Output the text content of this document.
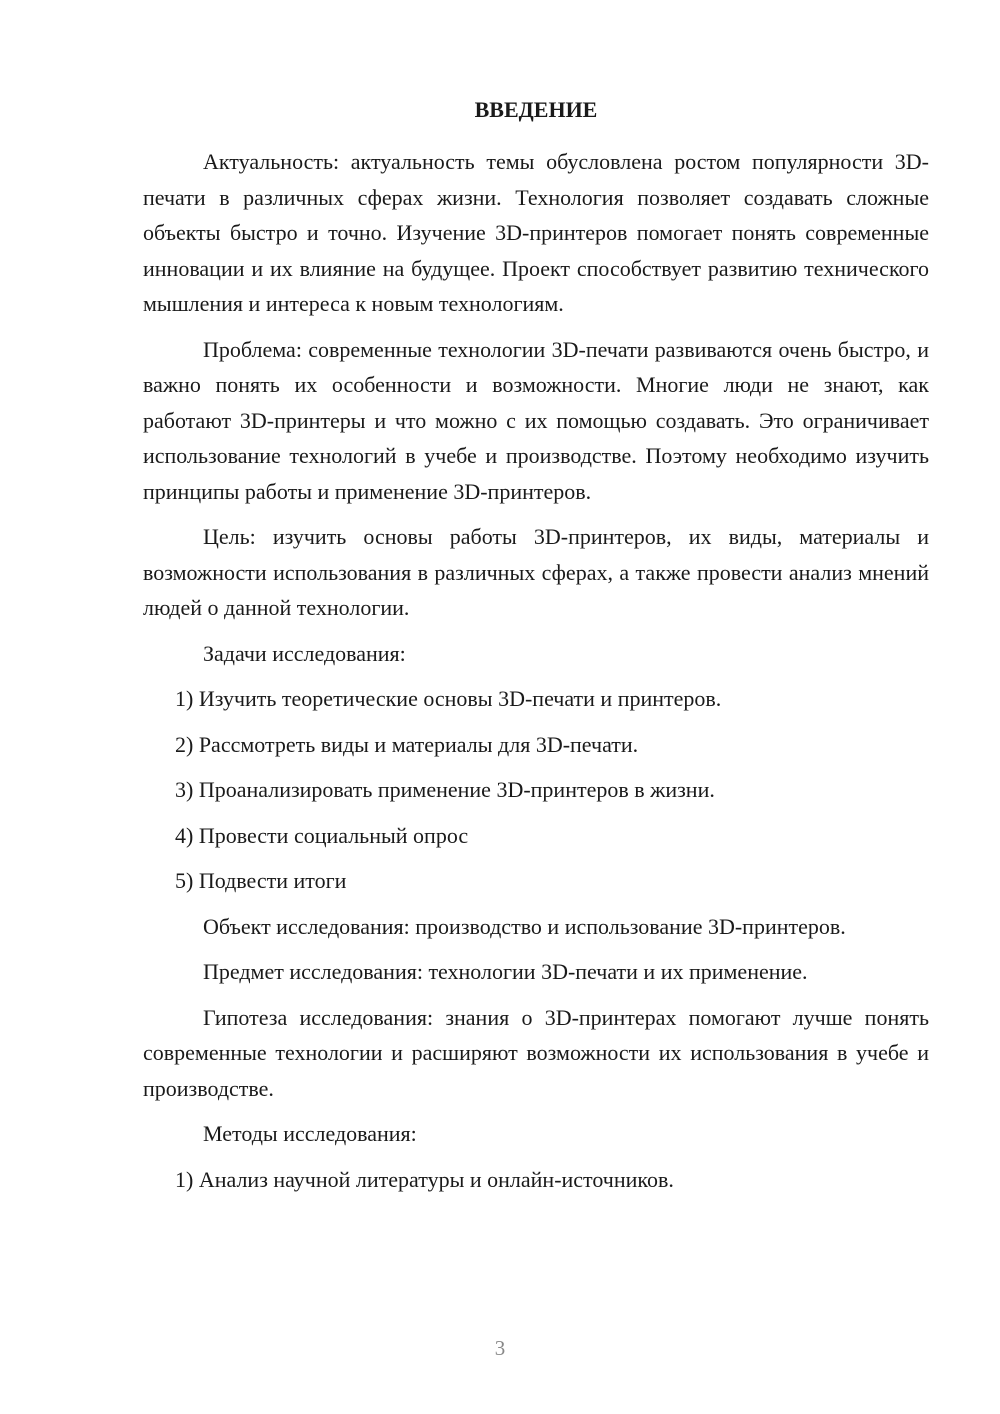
ВВЕДЕНИЕ

Актуальность: актуальность темы обусловлена ростом популярности 3D-печати в различных сферах жизни. Технология позволяет создавать сложные объекты быстро и точно. Изучение 3D-принтеров помогает понять современные инновации и их влияние на будущее. Проект способствует развитию технического мышления и интереса к новым технологиям.

Проблема: современные технологии 3D-печати развиваются очень быстро, и важно понять их особенности и возможности. Многие люди не знают, как работают 3D-принтеры и что можно с их помощью создавать. Это ограничивает использование технологий в учебе и производстве. Поэтому необходимо изучить принципы работы и применение 3D-принтеров.

Цель: изучить основы работы 3D-принтеров, их виды, материалы и возможности использования в различных сферах, а также провести анализ мнений людей о данной технологии.

Задачи исследования:

1) Изучить теоретические основы 3D-печати и принтеров.

2) Рассмотреть виды и материалы для 3D-печати.

3) Проанализировать применение 3D-принтеров в жизни.

4) Провести социальный опрос

5) Подвести итоги

Объект исследования: производство и использование 3D-принтеров.

Предмет исследования: технологии 3D-печати и их применение.

Гипотеза исследования: знания о 3D-принтерах помогают лучше понять современные технологии и расширяют возможности их использования в учебе и производстве.

Методы исследования:

1) Анализ научной литературы и онлайн-источников.

3
